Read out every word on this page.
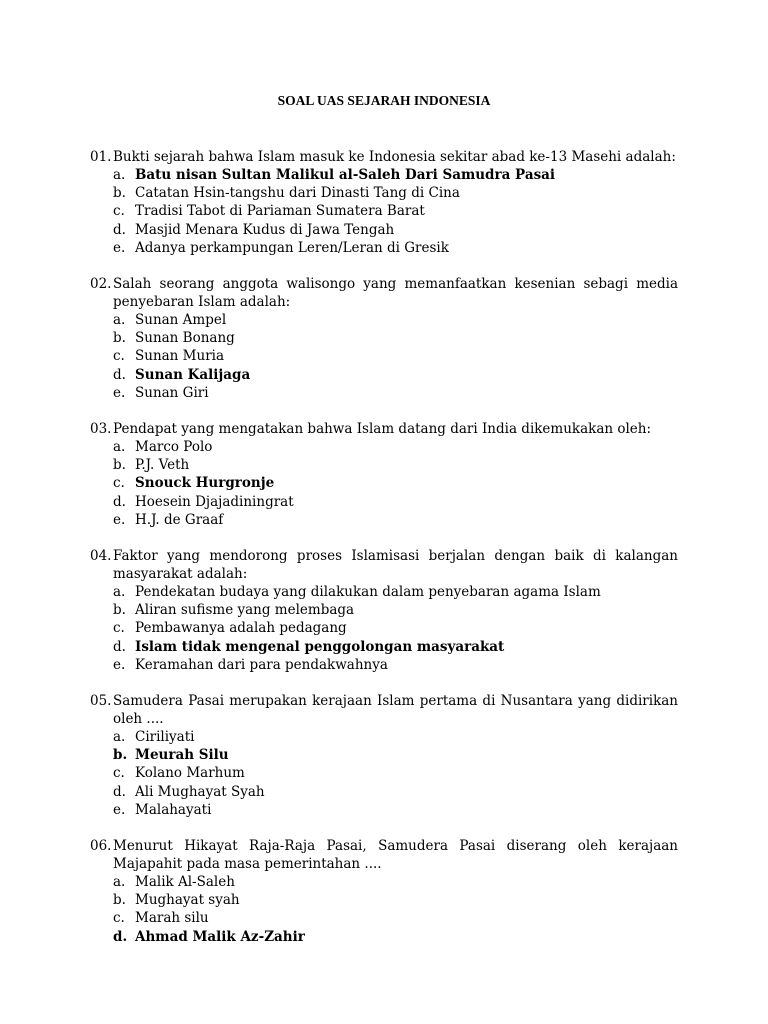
SOAL UAS SEJARAH INDONESIA
01. Bukti sejarah bahwa Islam masuk ke Indonesia sekitar abad ke-13 Masehi adalah:
a. Batu nisan Sultan Malikul al-Saleh Dari Samudra Pasai
b. Catatan Hsin-tangshu dari Dinasti Tang di Cina
c. Tradisi Tabot di Pariaman Sumatera Barat
d. Masjid Menara Kudus di Jawa Tengah
e. Adanya perkampungan Leren/Leran di Gresik
02. Salah seorang anggota walisongo yang memanfaatkan kesenian sebagi media penyebaran Islam adalah:
a. Sunan Ampel
b. Sunan Bonang
c. Sunan Muria
d. Sunan Kalijaga
e. Sunan Giri
03. Pendapat yang mengatakan bahwa Islam datang dari India dikemukakan oleh:
a. Marco Polo
b. P.J. Veth
c. Snouck Hurgronje
d. Hoesein Djajadiningrat
e. H.J. de Graaf
04. Faktor yang mendorong proses Islamisasi berjalan dengan baik di kalangan masyarakat adalah:
a. Pendekatan budaya yang dilakukan dalam penyebaran agama Islam
b. Aliran sufisme yang melembaga
c. Pembawanya adalah pedagang
d. Islam tidak mengenal penggolongan masyarakat
e. Keramahan dari para pendakwahnya
05. Samudera Pasai merupakan kerajaan Islam pertama di Nusantara yang didirikan oleh ....
a. Ciriliyati
b. Meurah Silu
c. Kolano Marhum
d. Ali Mughayat Syah
e. Malahayati
06. Menurut Hikayat Raja-Raja Pasai, Samudera Pasai diserang oleh kerajaan Majapahit pada masa pemerintahan ....
a. Malik Al-Saleh
b. Mughayat syah
c. Marah silu
d. Ahmad Malik Az-Zahir
